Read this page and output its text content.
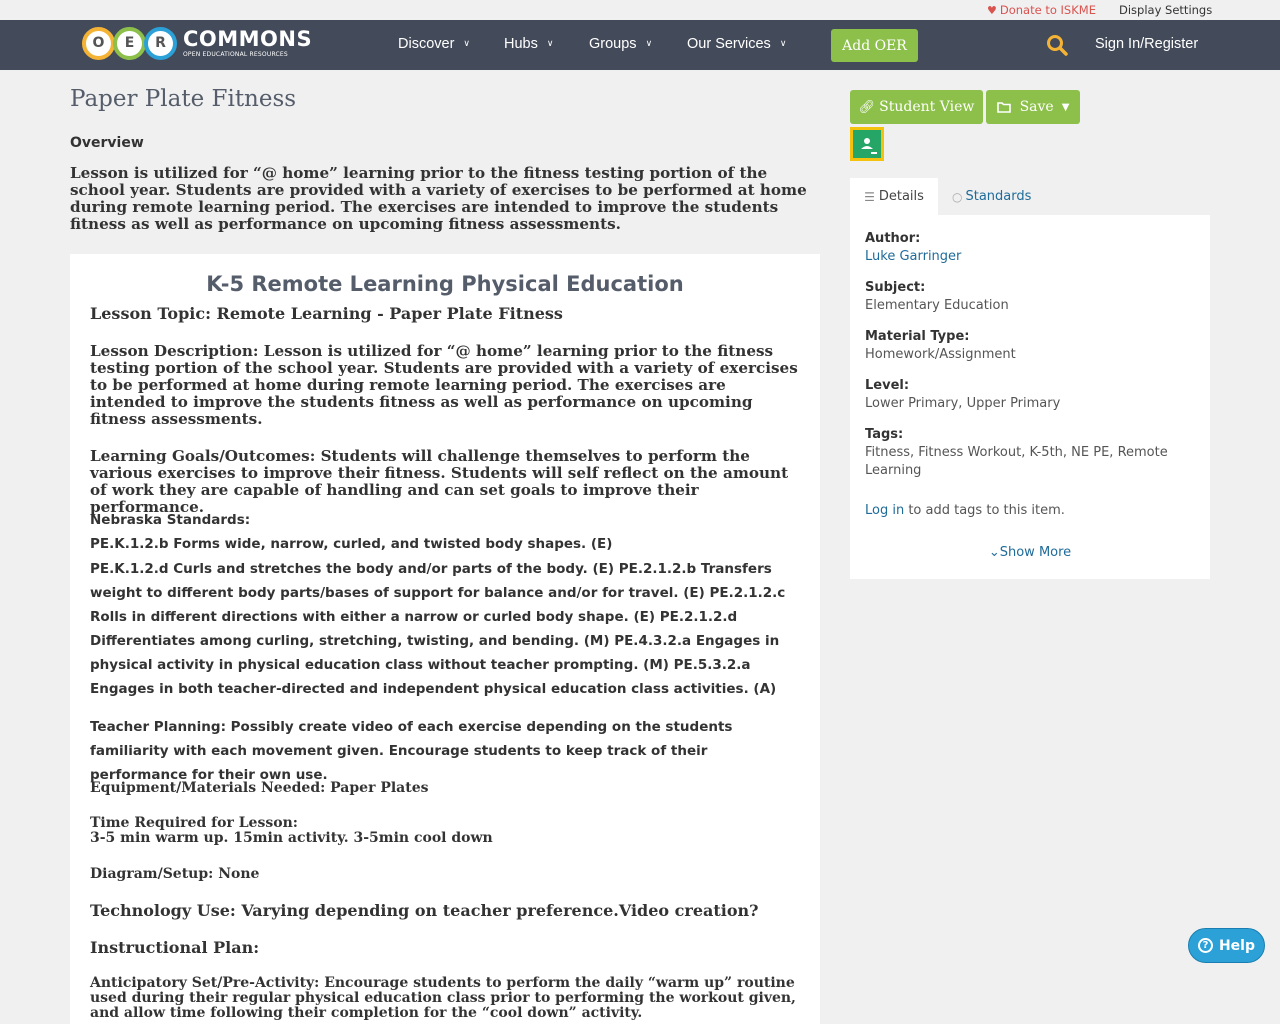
♥ Donate to ISKME Display Settings
O	E	R COMMONS
OPEN EDUCATIONAL RESOURCES
Discover ∨ Hubs ∨ Groups ∨ Our Services ∨	Add OER	Sign In/Register
Paper Plate Fitness
Overview
Lesson is utilized for “@ home” learning prior to the fitness testing portion of the school year. Students are provided with a variety of exercises to be performed at home during remote learning period. The exercises are intended to improve the students fitness as well as performance on upcoming fitness assessments.
K-5 Remote Learning Physical Education
Lesson Topic: Remote Learning - Paper Plate Fitness
Lesson Description: Lesson is utilized for “@ home” learning prior to the fitness testing portion of the school year. Students are provided with a variety of exercises to be performed at home during remote learning period. The exercises are intended to improve the students fitness as well as performance on upcoming fitness assessments.
Learning Goals/Outcomes: Students will challenge themselves to perform the various exercises to improve their fitness. Students will self reflect on the amount of work they are capable of handling and can set goals to improve their performance.
Nebraska Standards:
PE.K.1.2.b Forms wide, narrow, curled, and twisted body shapes. (E)
PE.K.1.2.d Curls and stretches the body and/or parts of the body. (E) PE.2.1.2.b Transfers weight to different body parts/bases of support for balance and/or for travel. (E) PE.2.1.2.c Rolls in different directions with either a narrow or curled body shape. (E) PE.2.1.2.d Differentiates among curling, stretching, twisting, and bending. (M) PE.4.3.2.a Engages in physical activity in physical education class without teacher prompting. (M) PE.5.3.2.a Engages in both teacher-directed and independent physical education class activities. (A)
Teacher Planning: Possibly create video of each exercise depending on the students familiarity with each movement given. Encourage students to keep track of their performance for their own use.
Equipment/Materials Needed: Paper Plates
Time Required for Lesson:
3-5 min warm up. 15min activity. 3-5min cool down
Diagram/Setup: None
Technology Use: Varying depending on teacher preference.Video creation?
Instructional Plan:
Anticipatory Set/Pre-Activity: Encourage students to perform the daily “warm up” routine used during their regular physical education class prior to performing the workout given, and allow time following their completion for the “cool down” activity.
🔗︎ Student View	Save ▼
☰ Details ○ Standards
Author:
Luke Garringer
Subject:
Elementary Education
Material Type:
Homework/Assignment
Level:
Lower Primary, Upper Primary
Tags:
Fitness, Fitness Workout, K-5th, NE PE, Remote Learning
Log in to add tags to this item.
⌄Show More
? Help
